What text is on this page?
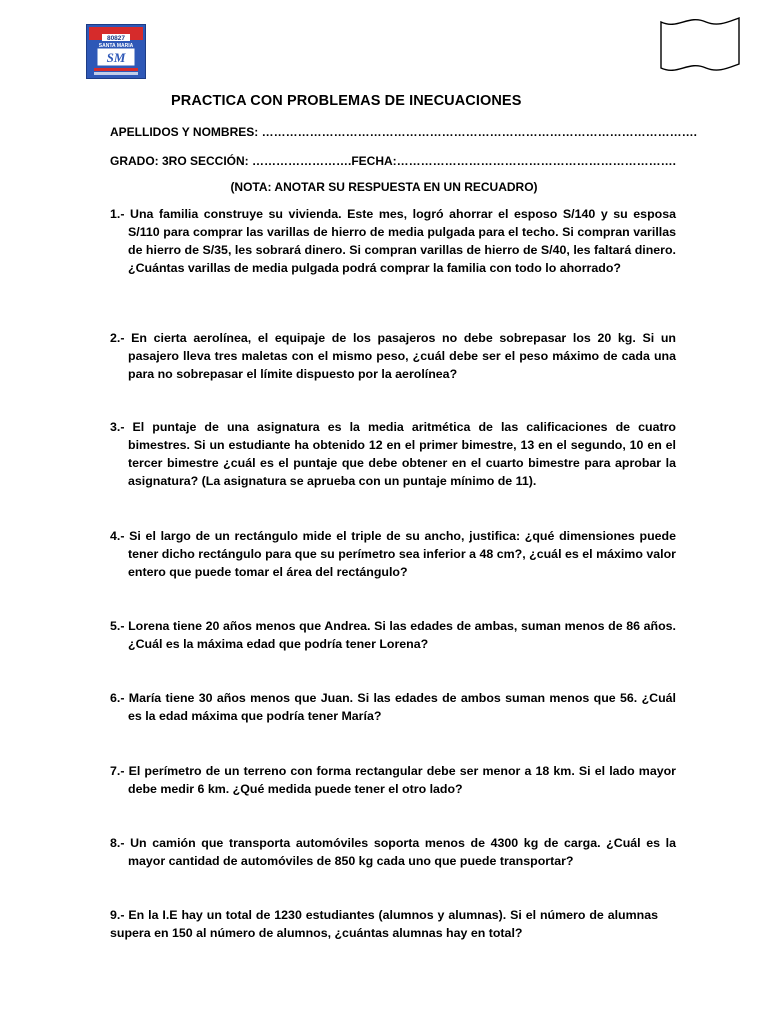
80827
SANTA MARIA
SM
PRACTICA CON PROBLEMAS DE INECUACIONES
APELLIDOS Y NOMBRES: ……………………………………………………………………………………………….
GRADO: 3RO SECCIÓN: …………………….FECHA:…………………………………………………………….
(NOTA: ANOTAR SU RESPUESTA EN UN RECUADRO)
1.- Una familia construye su vivienda. Este mes, logró ahorrar el esposo S/140 y su esposa S/110 para comprar las varillas de hierro de media pulgada para el techo. Si compran varillas de hierro de S/35, les sobrará dinero. Si compran varillas de hierro de S/40, les faltará dinero. ¿Cuántas varillas de media pulgada podrá comprar la familia con todo lo ahorrado?
2.- En cierta aerolínea, el equipaje de los pasajeros no debe sobrepasar los 20 kg. Si un pasajero lleva tres maletas con el mismo peso, ¿cuál debe ser el peso máximo de cada una para no sobrepasar el límite dispuesto por la aerolínea?
3.- El puntaje de una asignatura es la media aritmética de las calificaciones de cuatro bimestres. Si un estudiante ha obtenido 12 en el primer bimestre, 13 en el segundo, 10 en el tercer bimestre ¿cuál es el puntaje que debe obtener en el cuarto bimestre para aprobar la asignatura? (La asignatura se aprueba con un puntaje mínimo de 11).
4.- Si el largo de un rectángulo mide el triple de su ancho, justifica: ¿qué dimensiones puede tener dicho rectángulo para que su perímetro sea inferior a 48 cm?, ¿cuál es el máximo valor entero que puede tomar el área del rectángulo?
5.- Lorena tiene 20 años menos que Andrea. Si las edades de ambas, suman menos de 86 años. ¿Cuál es la máxima edad que podría tener Lorena?
6.- María tiene 30 años menos que Juan. Si las edades de ambos suman menos que 56. ¿Cuál es la edad máxima que podría tener María?
7.- El perímetro de un terreno con forma rectangular debe ser menor a 18 km. Si el lado mayor debe medir 6 km. ¿Qué medida puede tener el otro lado?
8.- Un camión que transporta automóviles soporta menos de 4300 kg de carga. ¿Cuál es la mayor cantidad de automóviles de 850 kg cada uno que puede transportar?
9.- En la I.E hay un total de 1230 estudiantes (alumnos y alumnas). Si el número de alumnas supera en 150 al número de alumnos, ¿cuántas alumnas hay en total?
